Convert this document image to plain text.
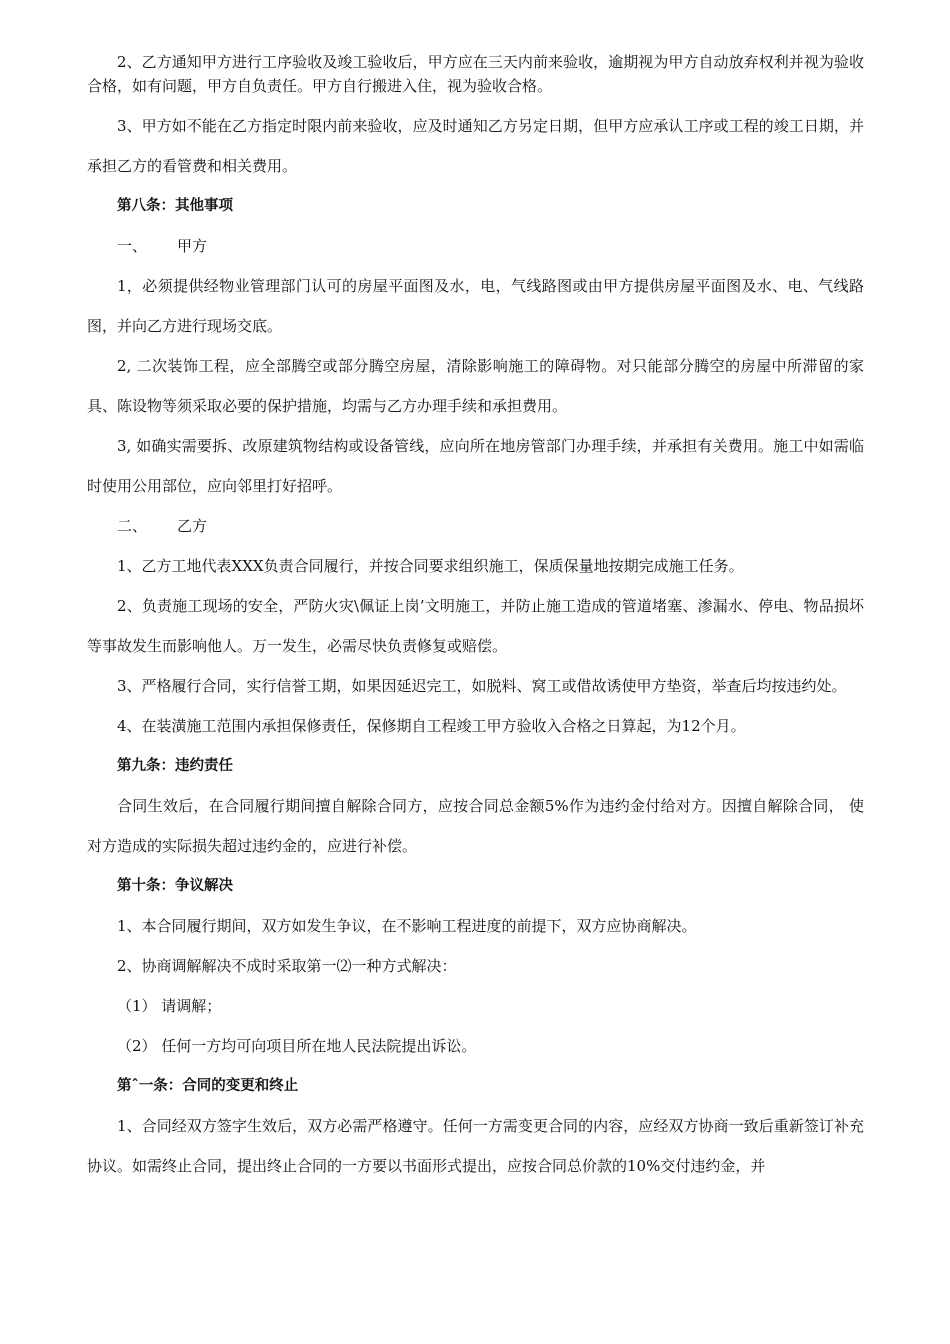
2、乙方通知甲方进行工序验收及竣工验收后，甲方应在三天内前来验收，逾期视为甲方自动放弃权利并视为验收合格，如有问题，甲方自负责任。甲方自行搬进入住，视为验收合格。

3、甲方如不能在乙方指定时限内前来验收，应及时通知乙方另定日期，但甲方应承认工序或工程的竣工日期，并承担乙方的看管费和相关费用。

第八条：其他事项

一、 甲方

1，必须提供经物业管理部门认可的房屋平面图及水，电，气线路图或由甲方提供房屋平面图及水、电、气线路图，并向乙方进行现场交底。

2, 二次装饰工程，应全部腾空或部分腾空房屋，清除影响施工的障碍物。对只能部分腾空的房屋中所滞留的家具、陈设物等须采取必要的保护措施，均需与乙方办理手续和承担费用。

3, 如确实需要拆、改原建筑物结构或设备管线，应向所在地房管部门办理手续，并承担有关费用。施工中如需临时使用公用部位，应向邻里打好招呼。

二、 乙方

1、乙方工地代表XXX负责合同履行，并按合同要求组织施工，保质保量地按期完成施工任务。

2、负责施工现场的安全，严防火灾\佩证上岗’文明施工，并防止施工造成的管道堵塞、渗漏水、停电、物品损坏等事故发生而影响他人。万一发生，必需尽快负责修复或赔偿。

3、严格履行合同，实行信誉工期，如果因延迟完工，如脱料、窝工或借故诱使甲方垫资，举查后均按违约处。

4、在装潢施工范围内承担保修责任，保修期自工程竣工甲方验收入合格之日算起，为12个月。

第九条：违约责任

合同生效后，在合同履行期间擅自解除合同方，应按合同总金额5%作为违约金付给对方。因擅自解除合同， 使对方造成的实际损失超过违约金的，应进行补偿。

第十条：争议解决

1、本合同履行期间，双方如发生争议，在不影响工程进度的前提下，双方应协商解决。

2、协商调解解决不成时采取第一⑵一种方式解决：

（1） 请调解；

（2） 任何一方均可向项目所在地人民法院提出诉讼。

第ˆ一条：合同的变更和终止

1、合同经双方签字生效后，双方必需严格遵守。任何一方需变更合同的内容，应经双方协商一致后重新签订补充协议。如需终止合同，提出终止合同的一方要以书面形式提出，应按合同总价款的10%交付违约金，并
